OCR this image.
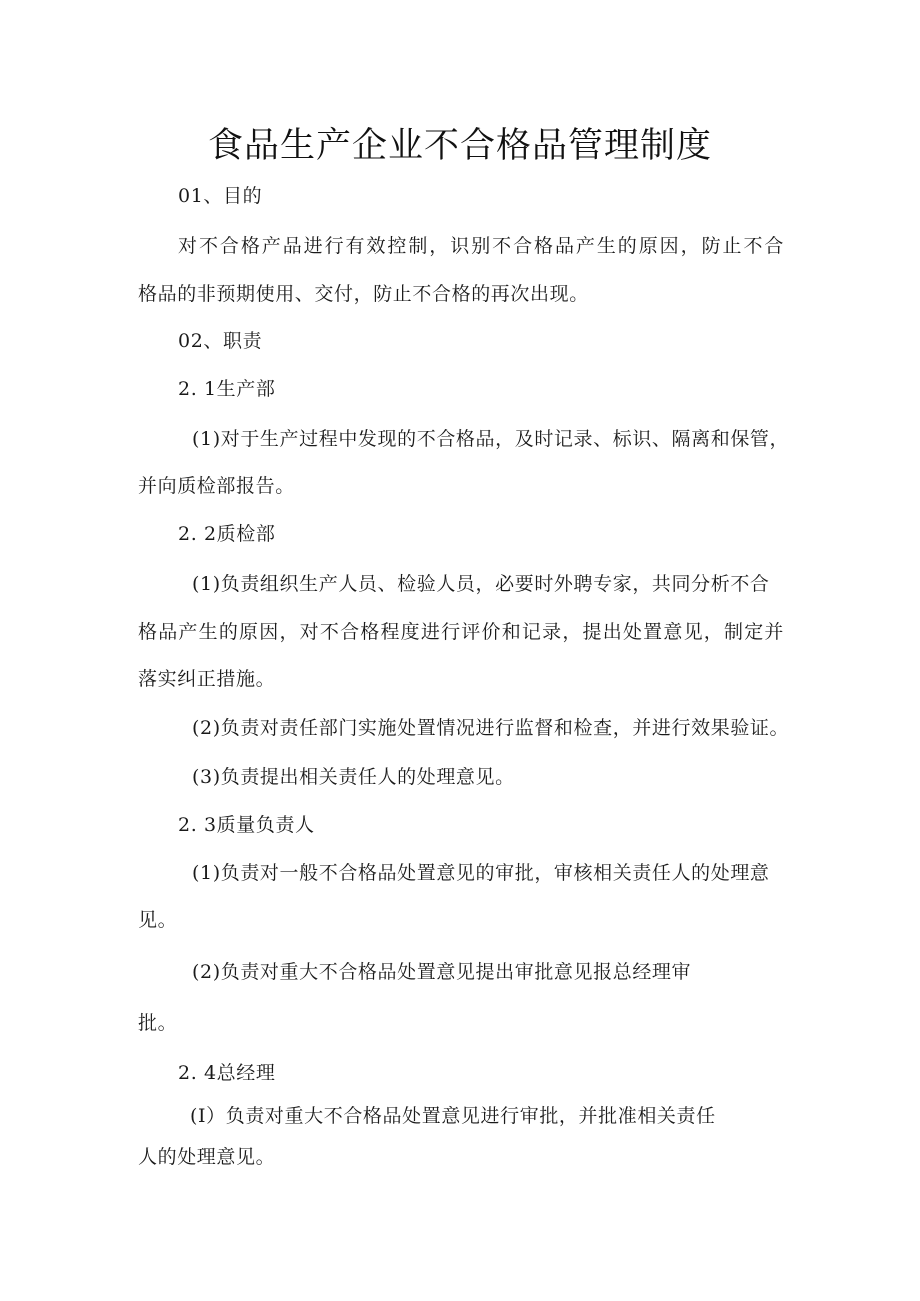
食品生产企业不合格品管理制度
01、目的
对不合格产品进行有效控制，识别不合格品产生的原因，防止不合
格品的非预期使用、交付，防止不合格的再次出现。
02、职责
2. 1生产部
(1)对于生产过程中发现的不合格品，及时记录、标识、隔离和保管，
并向质检部报告。
2. 2质检部
(1)负责组织生产人员、检验人员，必要时外聘专家，共同分析不合
格品产生的原因，对不合格程度进行评价和记录，提出处置意见，制定并
落实纠正措施。
(2)负责对责任部门实施处置情况进行监督和检查，并进行效果验证。
(3)负责提出相关责任人的处理意见。
2. 3质量负责人
(1)负责对一般不合格品处置意见的审批，审核相关责任人的处理意
见。
(2)负责对重大不合格品处置意见提出审批意见报总经理审
批。
2. 4总经理
(I）负责对重大不合格品处置意见进行审批，并批准相关责任
人的处理意见。
